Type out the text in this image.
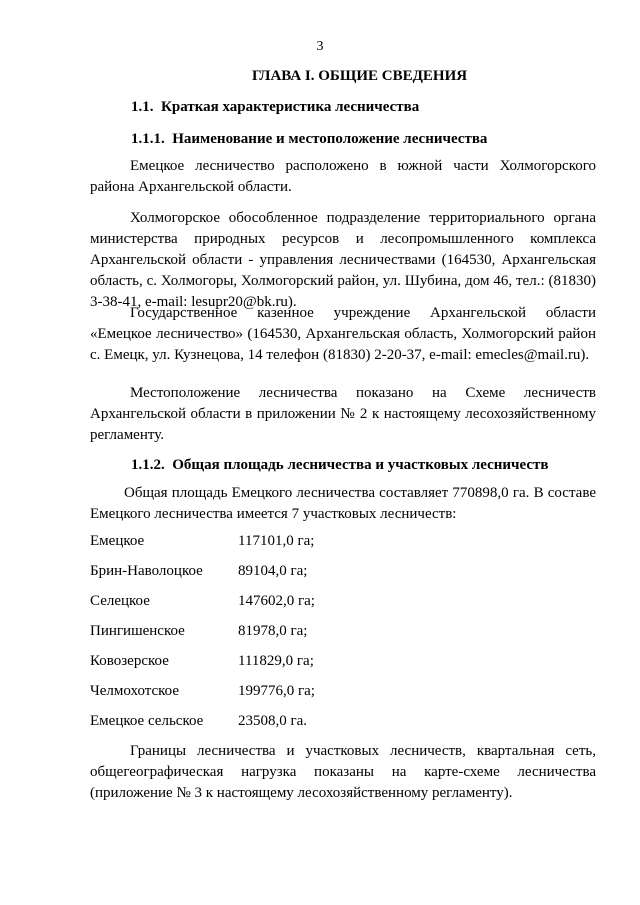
3
ГЛАВА I. ОБЩИЕ СВЕДЕНИЯ
1.1. Краткая характеристика лесничества
1.1.1. Наименование и местоположение лесничества
Емецкое лесничество расположено в южной части Холмогорского района Архангельской области.
Холмогорское обособленное подразделение территориального органа министерства природных ресурсов и лесопромышленного комплекса Архангельской области - управления лесничествами (164530, Архангельская область, с. Холмогоры, Холмогорский район, ул. Шубина, дом 46, тел.: (81830) 3-38-41, e-mail: lesupr20@bk.ru).
Государственное казенное учреждение Архангельской области «Емецкое лесничество» (164530, Архангельская область, Холмогорский район с. Емецк, ул. Кузнецова, 14 телефон (81830) 2-20-37, e-mail: emecles@mail.ru).
Местоположение лесничества показано на Схеме лесничеств Архангельской области в приложении № 2 к настоящему лесохозяйственному регламенту.
1.1.2. Общая площадь лесничества и участковых лесничеств
Общая площадь Емецкого лесничества составляет 770898,0 га. В составе Емецкого лесничества имеется 7 участковых лесничеств:
Емецкое	117101,0 га;
Брин-Наволоцкое 89104,0 га;
Селецкое	147602,0 га;
Пингишенское	81978,0 га;
Ковозерское	111829,0 га;
Челмохотское	199776,0 га;
Емецкое сельское 23508,0 га.
Границы лесничества и участковых лесничеств, квартальная сеть, общегеографическая нагрузка показаны на карте-схеме лесничества (приложение № 3 к настоящему лесохозяйственному регламенту).
